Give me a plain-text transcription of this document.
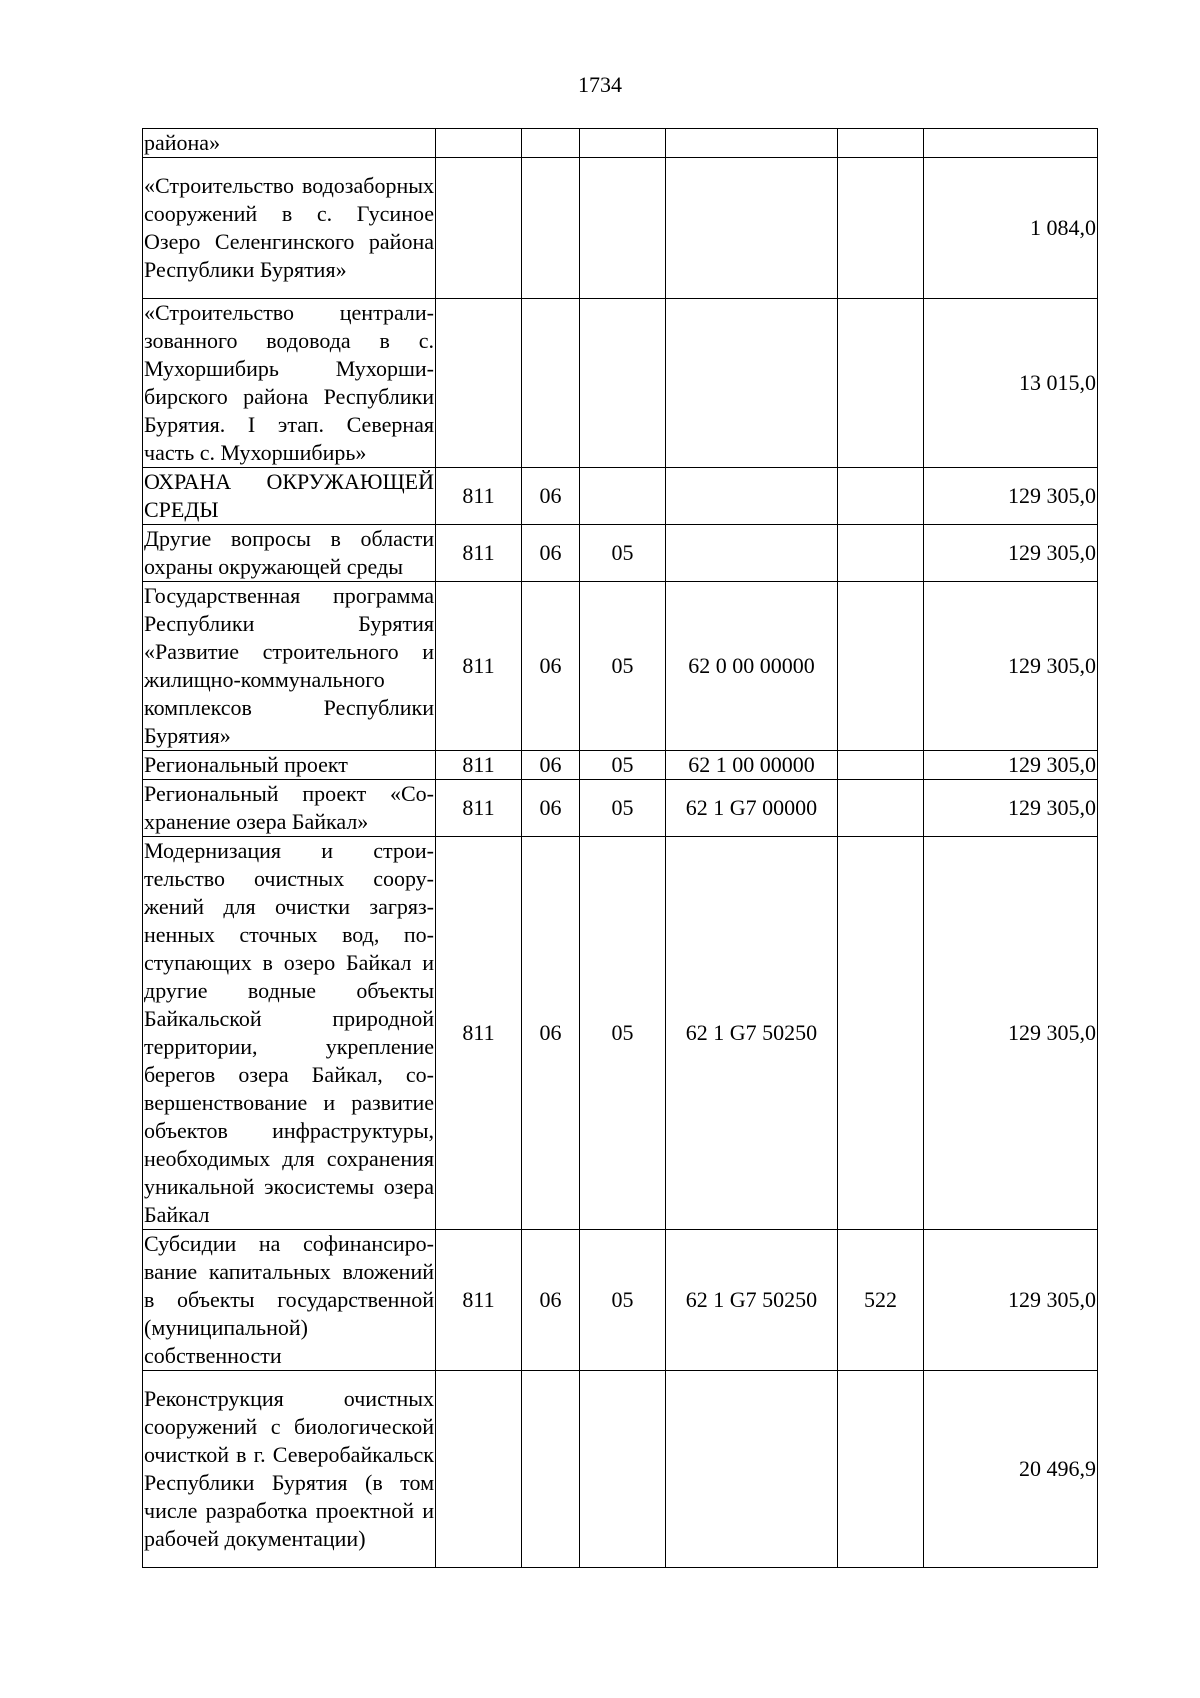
1734
района»						
«Строительство водозаборных сооружений в с. Гусиное Озеро Селенгинского района Республики Бурятия»						1 084,0
«Строительство централизованного водовода в с. Мухоршибирь Мухоршибирского района Республики Бурятия. I этап. Северная часть с. Мухоршибирь»						13 015,0
ОХРАНА ОКРУЖАЮЩЕЙ СРЕДЫ	811	06				129 305,0
Другие вопросы в области охраны окружающей среды	811	06	05			129 305,0
Государственная программа Республики Бурятия «Развитие строительного и жилищно-коммунального комплексов Республики Бурятия»	811	06	05	62 0 00 00000		129 305,0
Региональный проект	811	06	05	62 1 00 00000		129 305,0
Региональный проект «Сохранение озера Байкал»	811	06	05	62 1 G7 00000		129 305,0
Модернизация и строительство очистных сооружений для очистки загрязненных сточных вод, поступающих в озеро Байкал и другие водные объекты Байкальской природной территории, укрепление берегов озера Байкал, совершенствование и развитие объектов инфраструктуры, необходимых для сохранения уникальной экосистемы озера Байкал	811	06	05	62 1 G7 50250		129 305,0
Субсидии на софинансирование капитальных вложений в объекты государственной (муниципальной) собственности	811	06	05	62 1 G7 50250	522	129 305,0
Реконструкция очистных сооружений с биологической очисткой в г. Северобайкальск Республики Бурятия (в том числе разработка проектной и рабочей документации)						20 496,9
